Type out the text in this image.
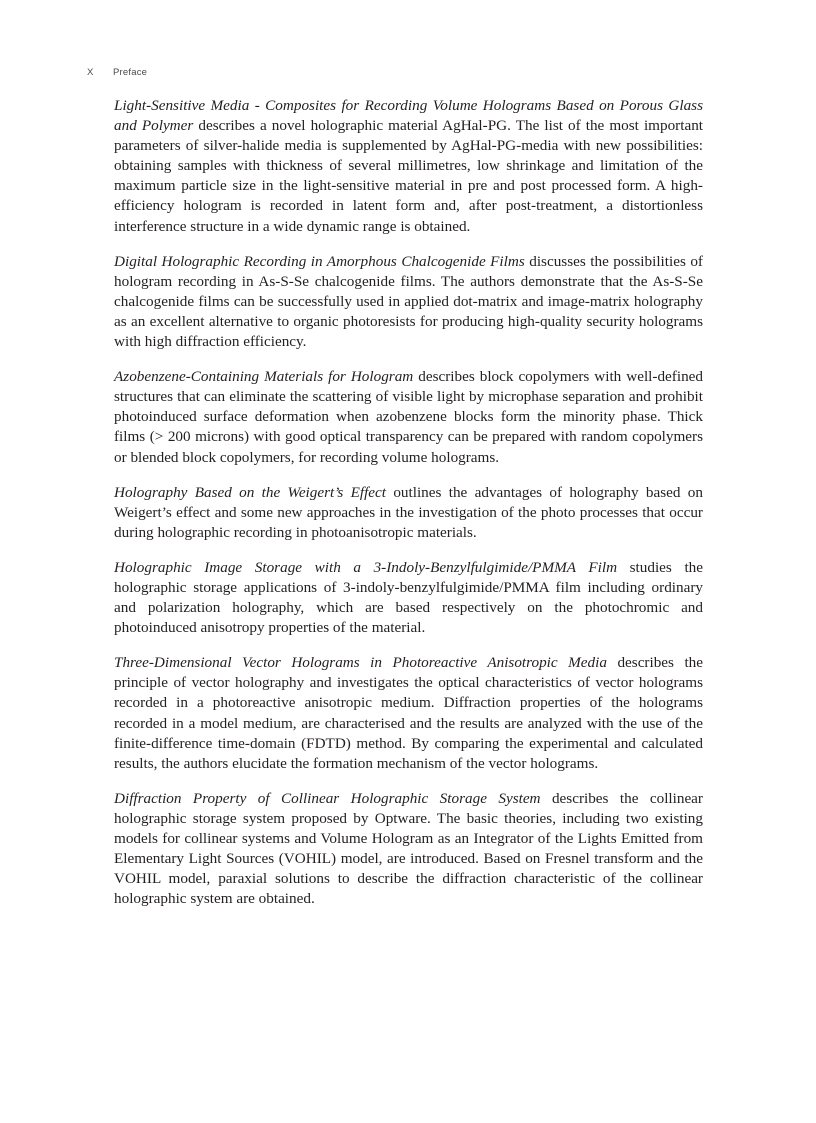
X Preface

Light-Sensitive Media - Composites for Recording Volume Holograms Based on Porous Glass and Polymer describes a novel holographic material AgHal-PG. The list of the most important parameters of silver-halide media is supplemented by AgHal-PG-media with new possibilities: obtaining samples with thickness of several millimetres, low shrinkage and limitation of the maximum particle size in the light-sensitive material in pre and post processed form. A high-efficiency hologram is recorded in latent form and, after post-treatment, a distortionless interference structure in a wide dynamic range is obtained.

Digital Holographic Recording in Amorphous Chalcogenide Films discusses the possibilities of hologram recording in As-S-Se chalcogenide films. The authors demonstrate that the As-S-Se chalcogenide films can be successfully used in applied dot-matrix and image-matrix holography as an excellent alternative to organic photoresists for producing high-quality security holograms with high diffraction efficiency.

Azobenzene-Containing Materials for Hologram describes block copolymers with well-defined structures that can eliminate the scattering of visible light by microphase separation and prohibit photoinduced surface deformation when azobenzene blocks form the minority phase. Thick films (> 200 microns) with good optical transparency can be prepared with random copolymers or blended block copolymers, for recording volume holograms.

Holography Based on the Weigert’s Effect outlines the advantages of holography based on Weigert’s effect and some new approaches in the investigation of the photo processes that occur during holographic recording in photoanisotropic materials.

Holographic Image Storage with a 3-Indoly-Benzylfulgimide/PMMA Film studies the holographic storage applications of 3-indoly-benzylfulgimide/PMMA film including ordinary and polarization holography, which are based respectively on the photochromic and photoinduced anisotropy properties of the material.

Three-Dimensional Vector Holograms in Photoreactive Anisotropic Media describes the principle of vector holography and investigates the optical characteristics of vector holograms recorded in a photoreactive anisotropic medium. Diffraction properties of the holograms recorded in a model medium, are characterised and the results are analyzed with the use of the finite-difference time-domain (FDTD) method. By comparing the experimental and calculated results, the authors elucidate the formation mechanism of the vector holograms.

Diffraction Property of Collinear Holographic Storage System describes the collinear holographic storage system proposed by Optware. The basic theories, including two existing models for collinear systems and Volume Hologram as an Integrator of the Lights Emitted from Elementary Light Sources (VOHIL) model, are introduced. Based on Fresnel transform and the VOHIL model, paraxial solutions to describe the diffraction characteristic of the collinear holographic system are obtained.
